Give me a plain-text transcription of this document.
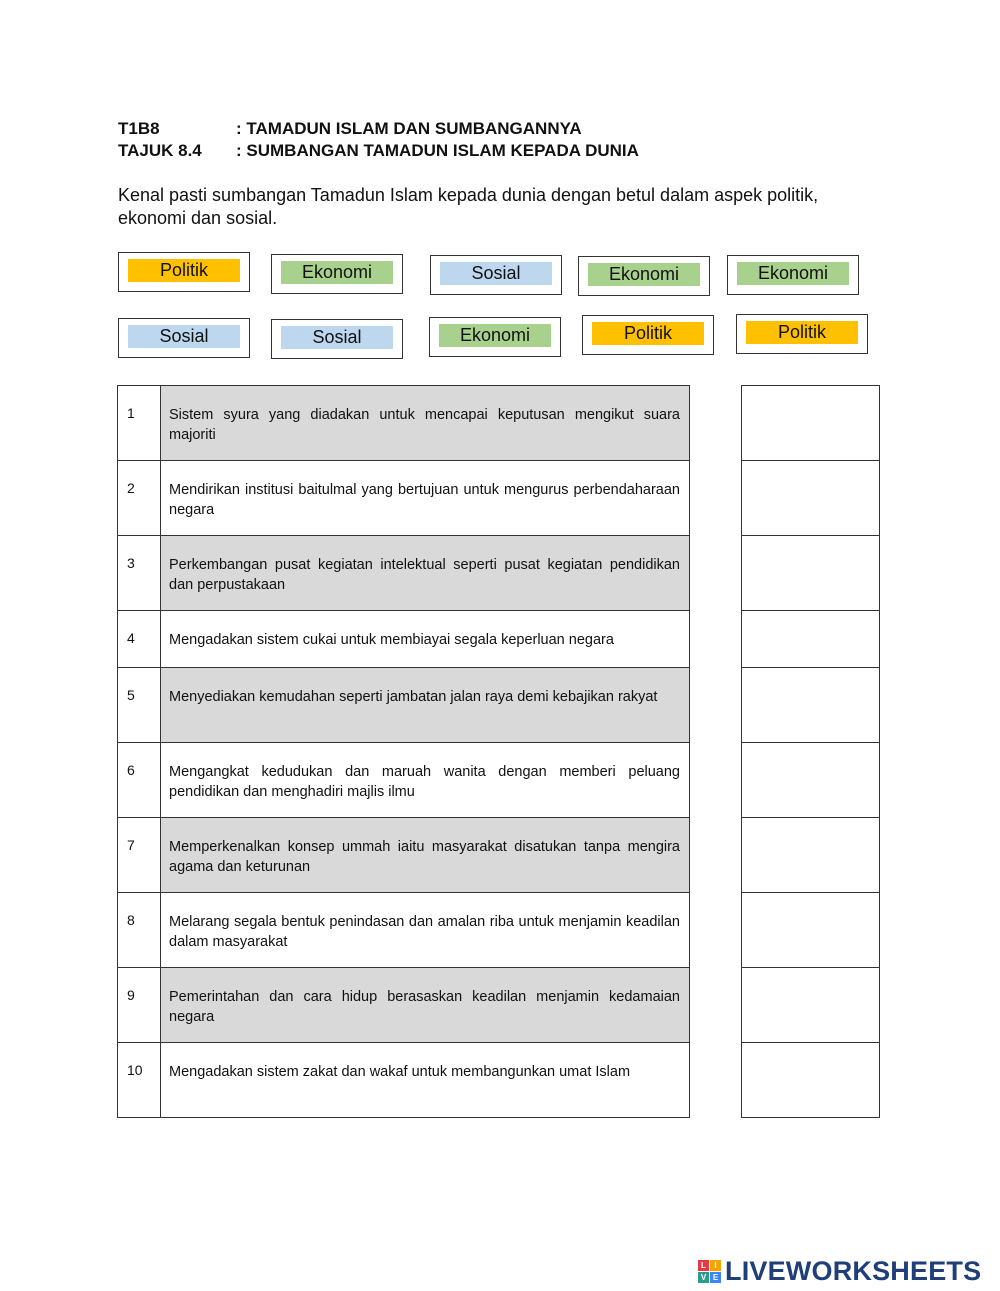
T1B8	: TAMADUN ISLAM DAN SUMBANGANNYA
TAJUK 8.4	: SUMBANGAN TAMADUN ISLAM KEPADA DUNIA
Kenal pasti sumbangan Tamadun Islam kepada dunia dengan betul dalam aspek politik, ekonomi dan sosial.
Politik	Ekonomi	Sosial	Ekonomi	Ekonomi
Sosial	Sosial	Ekonomi	Politik	Politik
1	Sistem syura yang diadakan untuk mencapai keputusan mengikut suara majoriti
2	Mendirikan institusi baitulmal yang bertujuan untuk mengurus perbendaharaan negara
3	Perkembangan pusat kegiatan intelektual seperti pusat kegiatan pendidikan dan perpustakaan
4	Mengadakan sistem cukai untuk membiayai segala keperluan negara
5	Menyediakan kemudahan seperti jambatan jalan raya demi kebajikan rakyat
6	Mengangkat kedudukan dan maruah wanita dengan memberi peluang pendidikan dan menghadiri majlis ilmu
7	Memperkenalkan konsep ummah iaitu masyarakat disatukan tanpa mengira agama dan keturunan
8	Melarang segala bentuk penindasan dan amalan riba untuk menjamin keadilan dalam masyarakat
9	Pemerintahan dan cara hidup berasaskan keadilan menjamin kedamaian negara
10	Mengadakan sistem zakat dan wakaf untuk membangunkan umat Islam

L	I
V E LIVEWORKSHEETS
